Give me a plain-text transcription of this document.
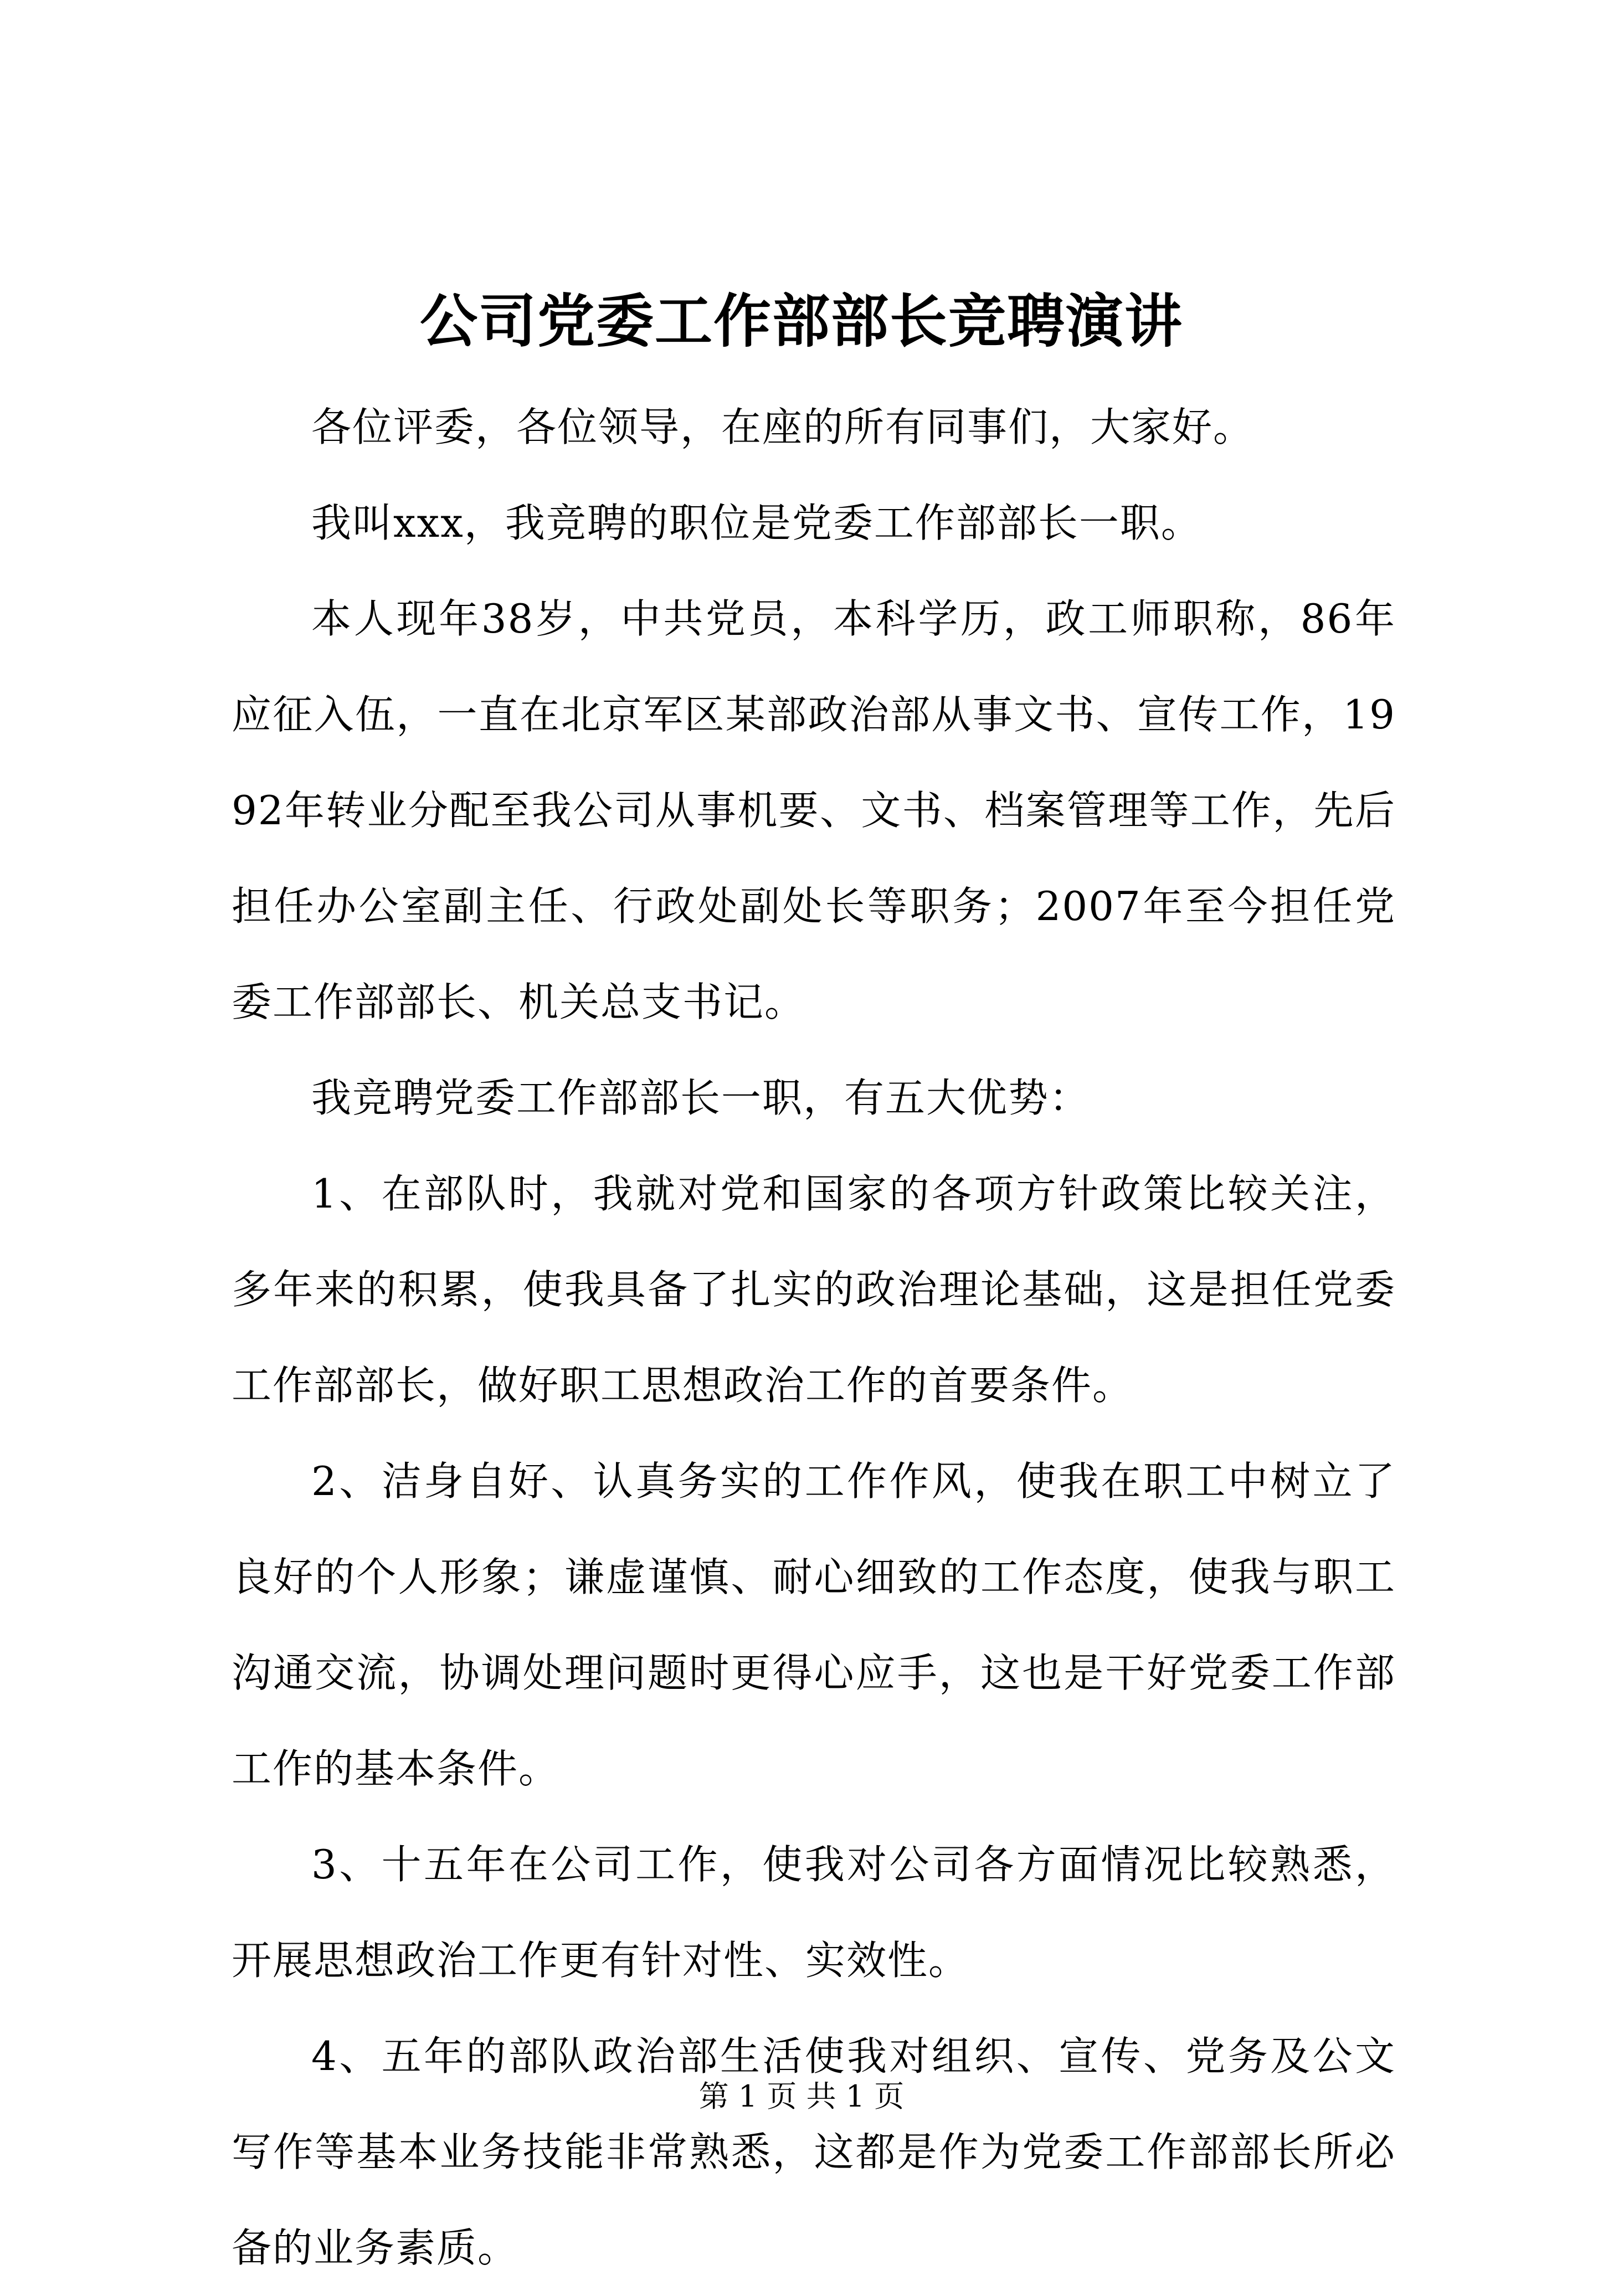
公司党委工作部部长竞聘演讲

各位评委，各位领导，在座的所有同事们，大家好。

我叫xxx，我竞聘的职位是党委工作部部长一职。

本人现年38岁，中共党员，本科学历，政工师职称，86年应征入伍，一直在北京军区某部政治部从事文书、宣传工作，1992年转业分配至我公司从事机要、文书、档案管理等工作，先后担任办公室副主任、行政处副处长等职务；2007年至今担任党委工作部部长、机关总支书记。

我竞聘党委工作部部长一职，有五大优势：

1、在部队时，我就对党和国家的各项方针政策比较关注，多年来的积累，使我具备了扎实的政治理论基础，这是担任党委工作部部长，做好职工思想政治工作的首要条件。

2、洁身自好、认真务实的工作作风，使我在职工中树立了良好的个人形象；谦虚谨慎、耐心细致的工作态度，使我与职工沟通交流，协调处理问题时更得心应手，这也是干好党委工作部工作的基本条件。

3、十五年在公司工作，使我对公司各方面情况比较熟悉，开展思想政治工作更有针对性、实效性。

4、五年的部队政治部生活使我对组织、宣传、党务及公文写作等基本业务技能非常熟悉，这都是作为党委工作部部长所必备的业务素质。

第 1 页 共 1 页
